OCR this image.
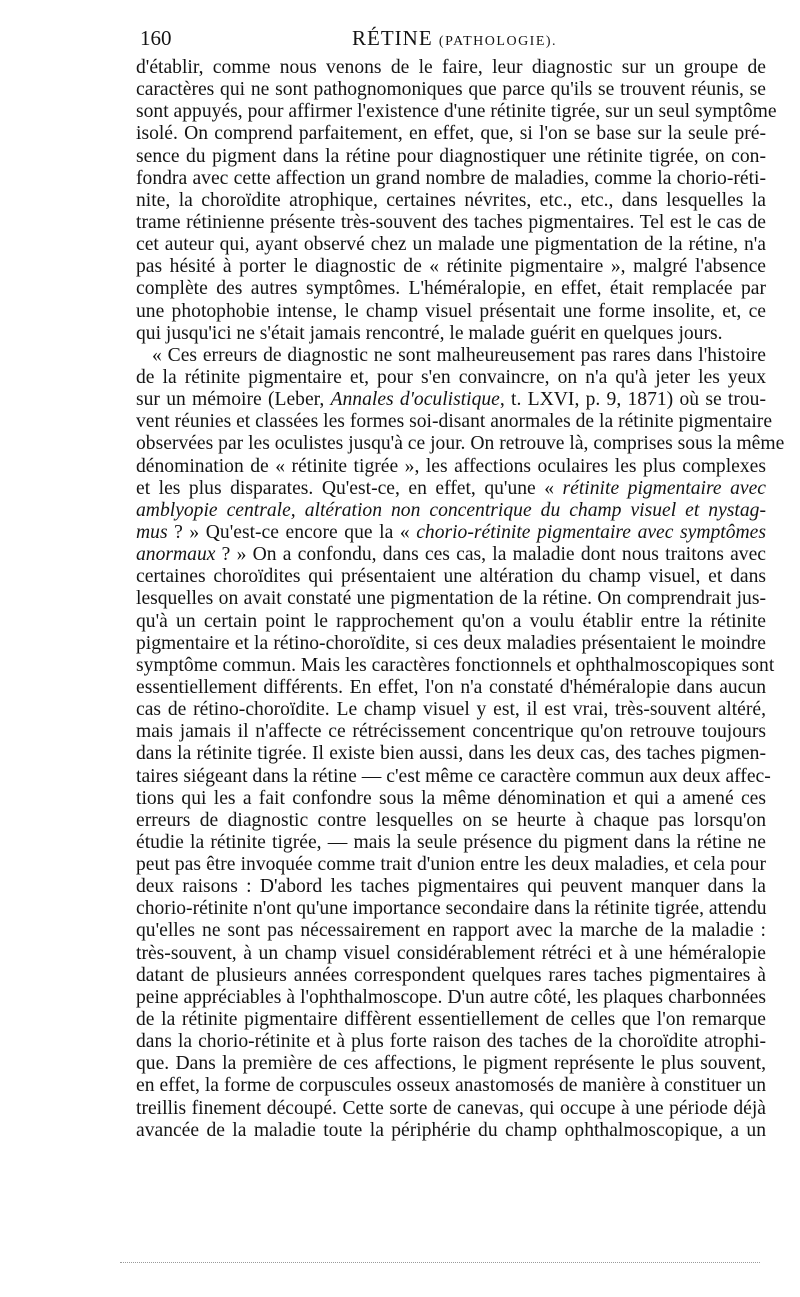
160	RÉTINE (PATHOLOGIE).
d'établir, comme nous venons de le faire, leur diagnostic sur un groupe de
caractères qui ne sont pathognomoniques que parce qu'ils se trouvent réunis, se
sont appuyés, pour affirmer l'existence d'une rétinite tigrée, sur un seul symptôme
isolé. On comprend parfaitement, en effet, que, si l'on se base sur la seule pré-
sence du pigment dans la rétine pour diagnostiquer une rétinite tigrée, on con-
fondra avec cette affection un grand nombre de maladies, comme la chorio-réti-
nite, la choroïdite atrophique, certaines névrites, etc., etc., dans lesquelles la
trame rétinienne présente très-souvent des taches pigmentaires. Tel est le cas de
cet auteur qui, ayant observé chez un malade une pigmentation de la rétine, n'a
pas hésité à porter le diagnostic de « rétinite pigmentaire », malgré l'absence
complète des autres symptômes. L'héméralopie, en effet, était remplacée par
une photophobie intense, le champ visuel présentait une forme insolite, et, ce
qui jusqu'ici ne s'était jamais rencontré, le malade guérit en quelques jours.
« Ces erreurs de diagnostic ne sont malheureusement pas rares dans l'histoire
de la rétinite pigmentaire et, pour s'en convaincre, on n'a qu'à jeter les yeux
sur un mémoire (Leber, Annales d'oculistique, t. LXVI, p. 9, 1871) où se trou-
vent réunies et classées les formes soi-disant anormales de la rétinite pigmentaire
observées par les oculistes jusqu'à ce jour. On retrouve là, comprises sous la même
dénomination de « rétinite tigrée », les affections oculaires les plus complexes
et les plus disparates. Qu'est-ce, en effet, qu'une « rétinite pigmentaire avec
amblyopie centrale, altération non concentrique du champ visuel et nystag-
mus ? » Qu'est-ce encore que la « chorio-rétinite pigmentaire avec symptômes
anormaux ? » On a confondu, dans ces cas, la maladie dont nous traitons avec
certaines choroïdites qui présentaient une altération du champ visuel, et dans
lesquelles on avait constaté une pigmentation de la rétine. On comprendrait jus-
qu'à un certain point le rapprochement qu'on a voulu établir entre la rétinite
pigmentaire et la rétino-choroïdite, si ces deux maladies présentaient le moindre
symptôme commun. Mais les caractères fonctionnels et ophthalmoscopiques sont
essentiellement différents. En effet, l'on n'a constaté d'héméralopie dans aucun
cas de rétino-choroïdite. Le champ visuel y est, il est vrai, très-souvent altéré,
mais jamais il n'affecte ce rétrécissement concentrique qu'on retrouve toujours
dans la rétinite tigrée. Il existe bien aussi, dans les deux cas, des taches pigmen-
taires siégeant dans la rétine — c'est même ce caractère commun aux deux affec-
tions qui les a fait confondre sous la même dénomination et qui a amené ces
erreurs de diagnostic contre lesquelles on se heurte à chaque pas lorsqu'on
étudie la rétinite tigrée, — mais la seule présence du pigment dans la rétine ne
peut pas être invoquée comme trait d'union entre les deux maladies, et cela pour
deux raisons : D'abord les taches pigmentaires qui peuvent manquer dans la
chorio-rétinite n'ont qu'une importance secondaire dans la rétinite tigrée, attendu
qu'elles ne sont pas nécessairement en rapport avec la marche de la maladie :
très-souvent, à un champ visuel considérablement rétréci et à une héméralopie
datant de plusieurs années correspondent quelques rares taches pigmentaires à
peine appréciables à l'ophthalmoscope. D'un autre côté, les plaques charbonnées
de la rétinite pigmentaire diffèrent essentiellement de celles que l'on remarque
dans la chorio-rétinite et à plus forte raison des taches de la choroïdite atrophi-
que. Dans la première de ces affections, le pigment représente le plus souvent,
en effet, la forme de corpuscules osseux anastomosés de manière à constituer un
treillis finement découpé. Cette sorte de canevas, qui occupe à une période déjà
avancée de la maladie toute la périphérie du champ ophthalmoscopique, a un
